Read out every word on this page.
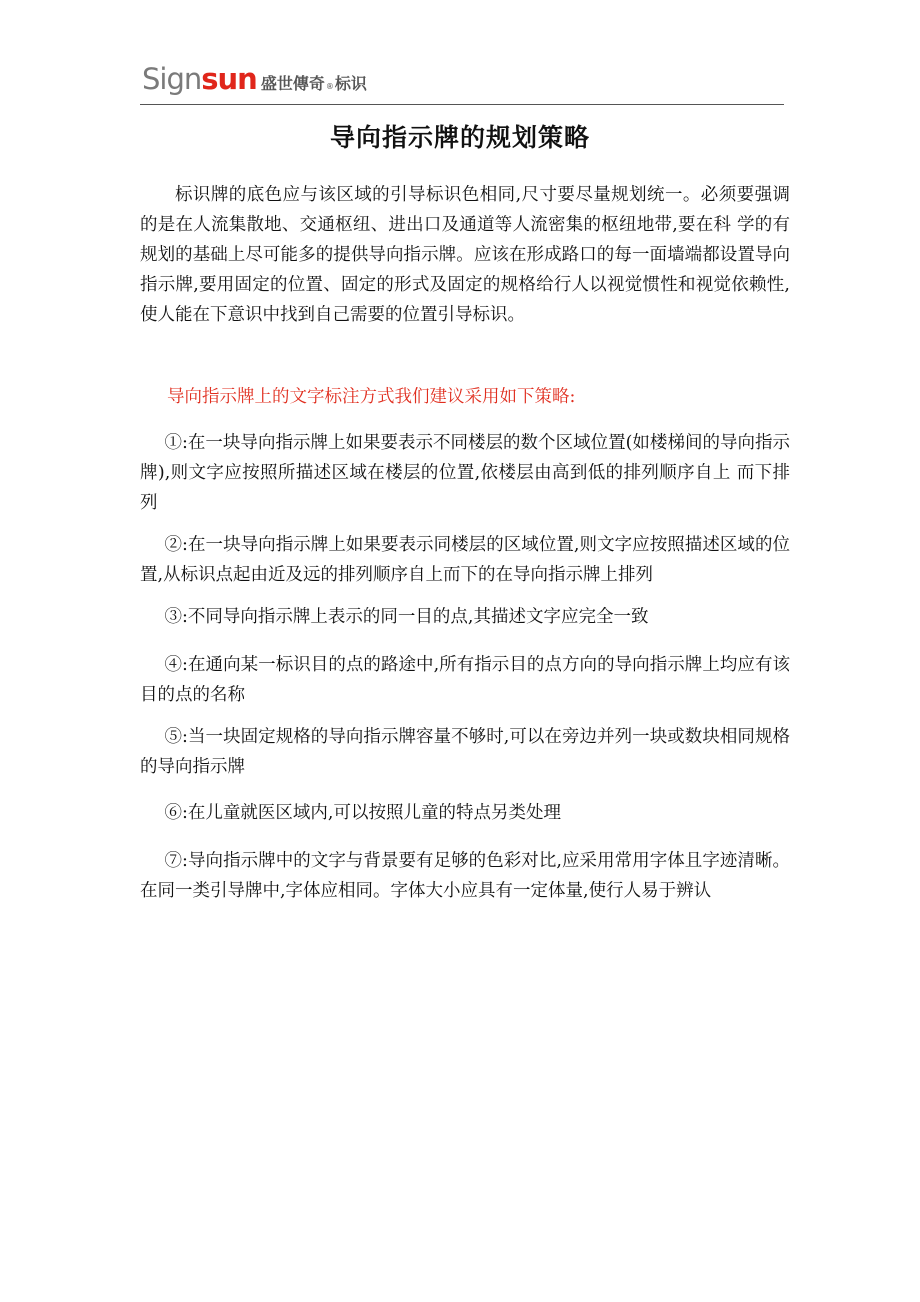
Sign sun 盛世傳奇 ® 标识
导向指示牌的规划策略
标识牌的底色应与该区域的引导标识色相同,尺寸要尽量规划统一。必须要强调的是在人流集散地、交通枢纽、进出口及通道等人流密集的枢纽地带,要在科 学的有规划的基础上尽可能多的提供导向指示牌。应该在形成路口的每一面墙端都设置导向指示牌,要用固定的位置、固定的形式及固定的规格给行人以视觉惯性和视觉依赖性,使人能在下意识中找到自己需要的位置引导标识。
导向指示牌上的文字标注方式我们建议采用如下策略:
①:在一块导向指示牌上如果要表示不同楼层的数个区域位置(如楼梯间的导向指示牌),则文字应按照所描述区域在楼层的位置,依楼层由高到低的排列顺序自上 而下排列
②:在一块导向指示牌上如果要表示同楼层的区域位置,则文字应按照描述区域的位置,从标识点起由近及远的排列顺序自上而下的在导向指示牌上排列
③:不同导向指示牌上表示的同一目的点,其描述文字应完全一致
④:在通向某一标识目的点的路途中,所有指示目的点方向的导向指示牌上均应有该目的点的名称
⑤:当一块固定规格的导向指示牌容量不够时,可以在旁边并列一块或数块相同规格的导向指示牌
⑥:在儿童就医区域内,可以按照儿童的特点另类处理
⑦:导向指示牌中的文字与背景要有足够的色彩对比,应采用常用字体且字迹清晰。在同一类引导牌中,字体应相同。字体大小应具有一定体量,使行人易于辨认
